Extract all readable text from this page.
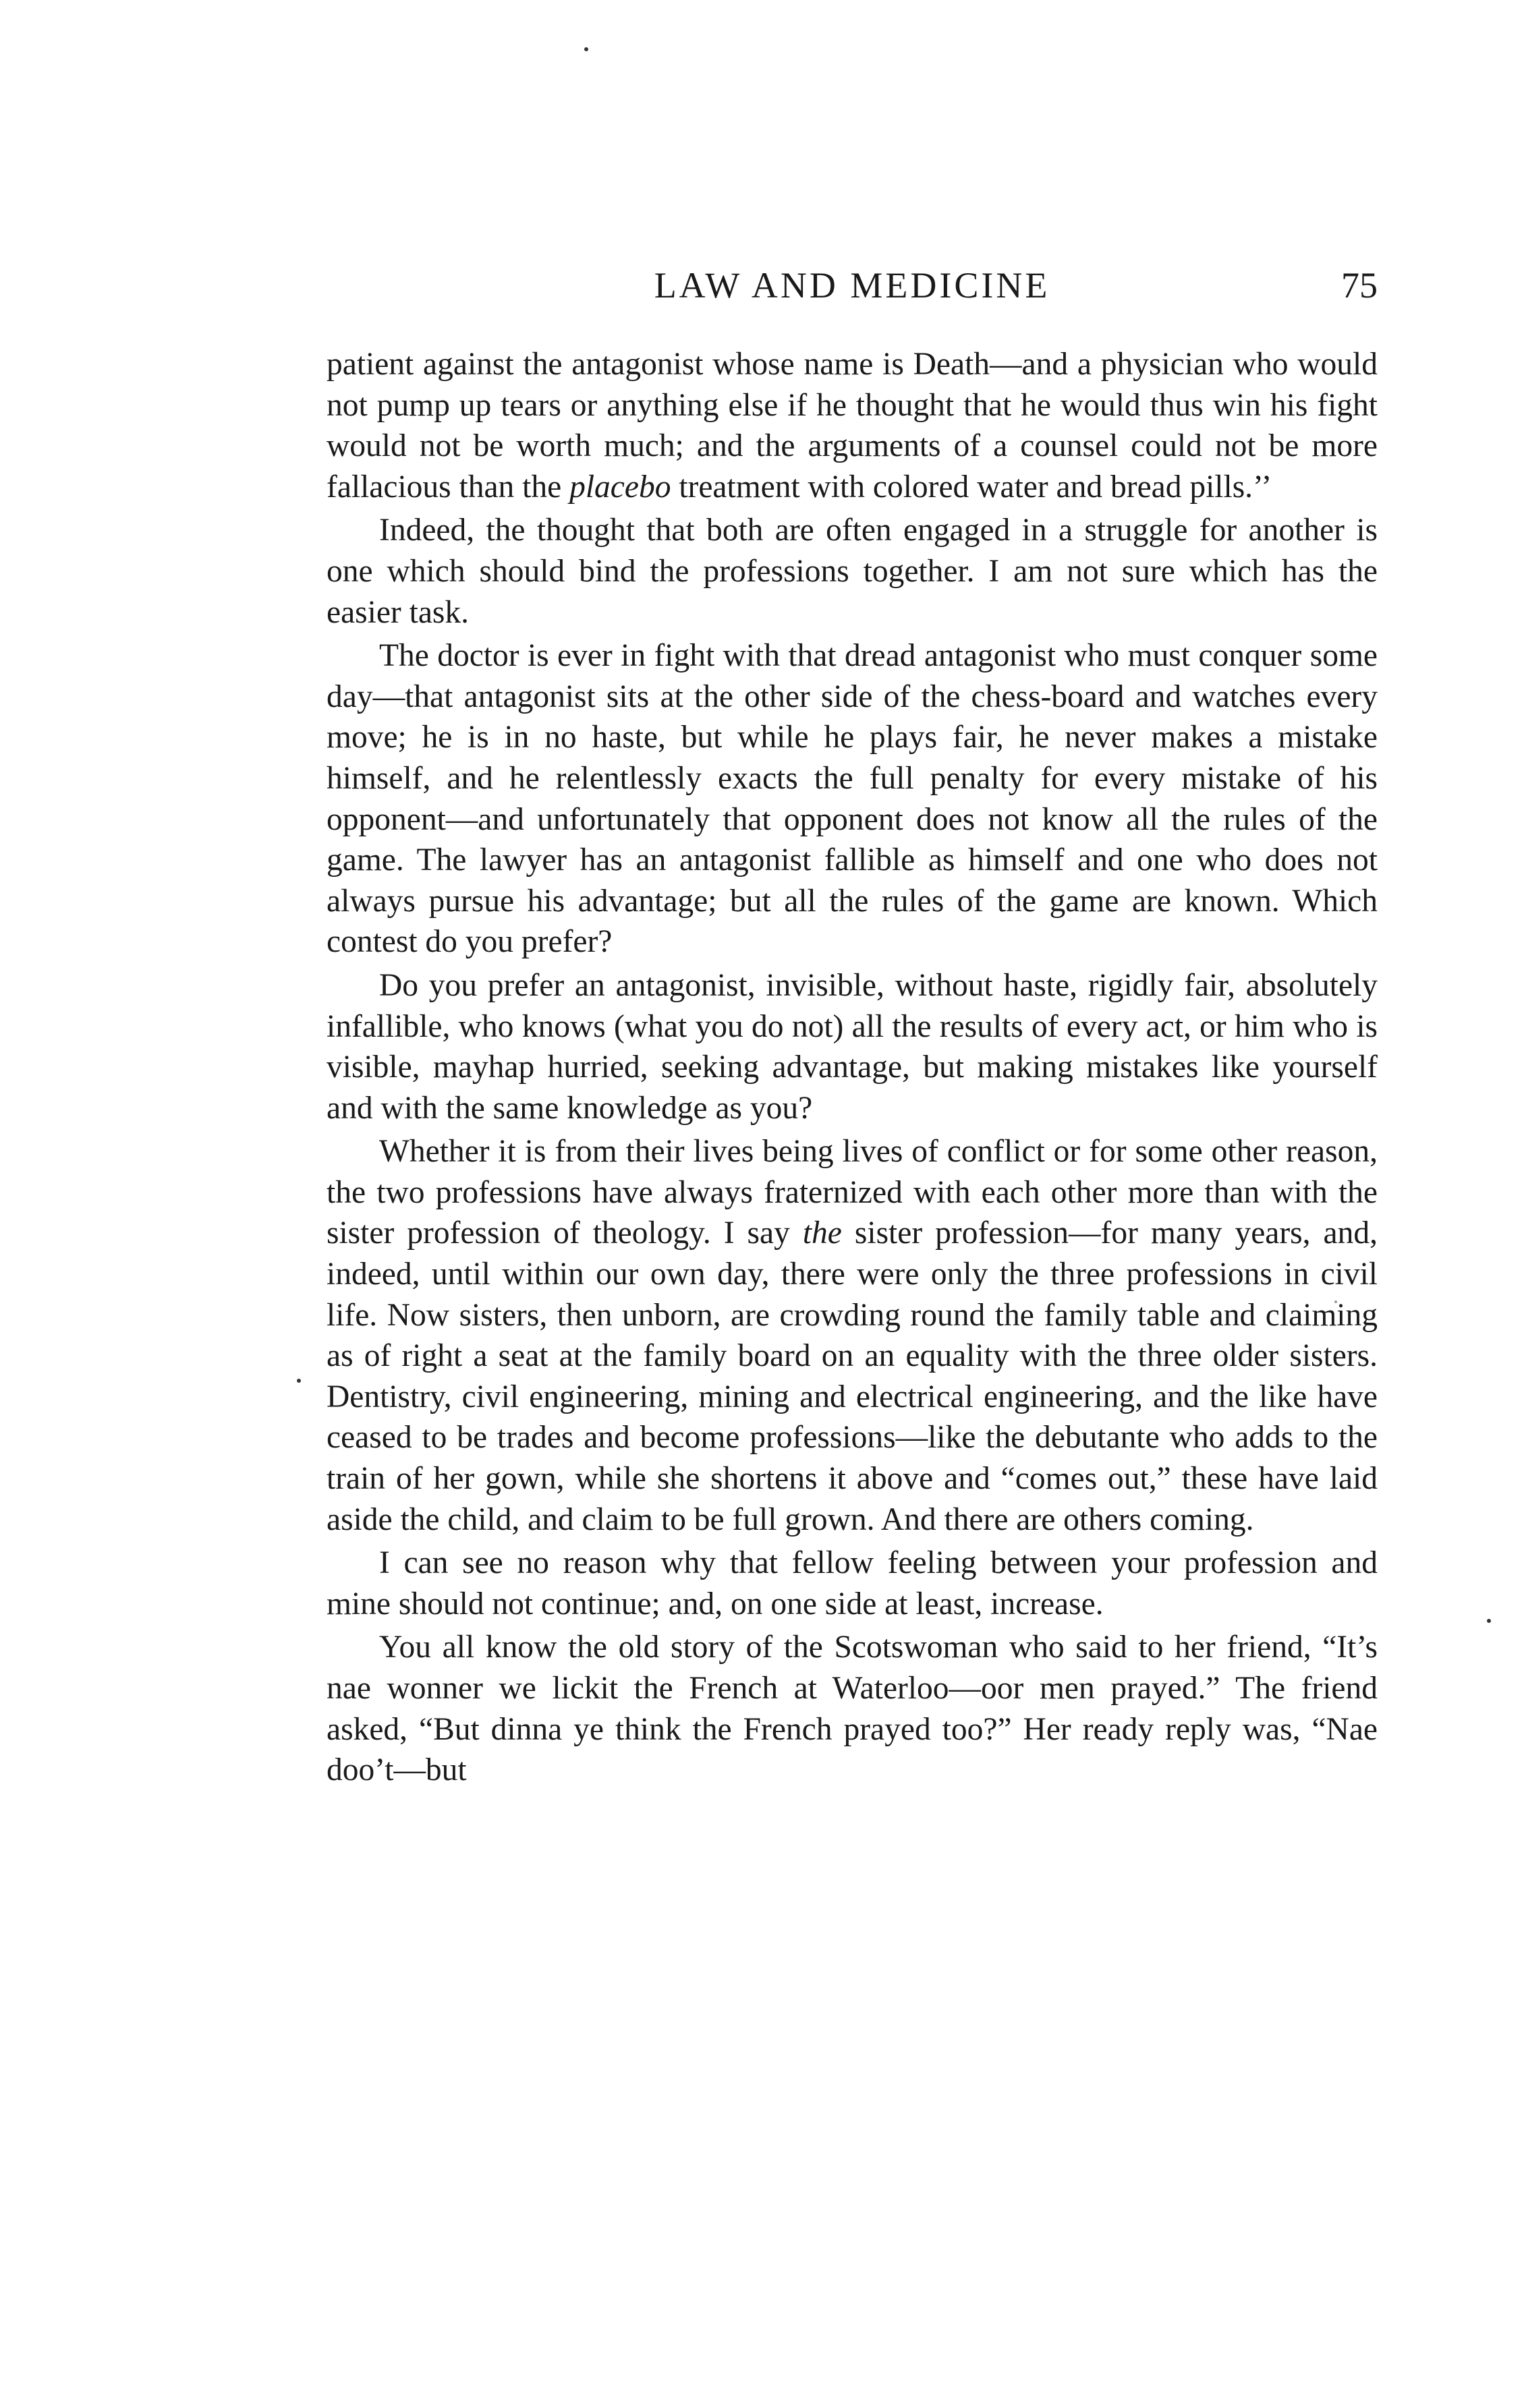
LAW AND MEDICINE	75

patient against the antagonist whose name is Death—and a physician who would not pump up tears or anything else if he thought that he would thus win his fight would not be worth much; and the arguments of a counsel could not be more fallacious than the placebo treatment with colored water and bread pills.’’

Indeed, the thought that both are often engaged in a struggle for another is one which should bind the professions together. I am not sure which has the easier task.

The doctor is ever in fight with that dread antagonist who must conquer some day—that antagonist sits at the other side of the chess-board and watches every move; he is in no haste, but while he plays fair, he never makes a mistake himself, and he relentlessly exacts the full penalty for every mistake of his opponent—and unfortunately that opponent does not know all the rules of the game. The lawyer has an antagonist fallible as himself and one who does not always pursue his advantage; but all the rules of the game are known. Which contest do you prefer?

Do you prefer an antagonist, invisible, without haste, rigidly fair, absolutely infallible, who knows (what you do not) all the results of every act, or him who is visible, mayhap hurried, seeking advantage, but making mistakes like yourself and with the same knowledge as you?

Whether it is from their lives being lives of conflict or for some other reason, the two professions have always fraternized with each other more than with the sister profession of theology. I say the sister profession—for many years, and, indeed, until within our own day, there were only the three professions in civil life. Now sisters, then unborn, are crowding round the family table and claiming as of right a seat at the family board on an equality with the three older sisters. Dentistry, civil engineering, mining and electrical engineering, and the like have ceased to be trades and become professions—like the debutante who adds to the train of her gown, while she shortens it above and “comes out,” these have laid aside the child, and claim to be full grown. And there are others coming.

I can see no reason why that fellow feeling between your profession and mine should not continue; and, on one side at least, increase.

You all know the old story of the Scotswoman who said to her friend, “It’s nae wonner we lickit the French at Waterloo—oor men prayed.” The friend asked, “But dinna ye think the French prayed too?” Her ready reply was, “Nae doo’t—but
